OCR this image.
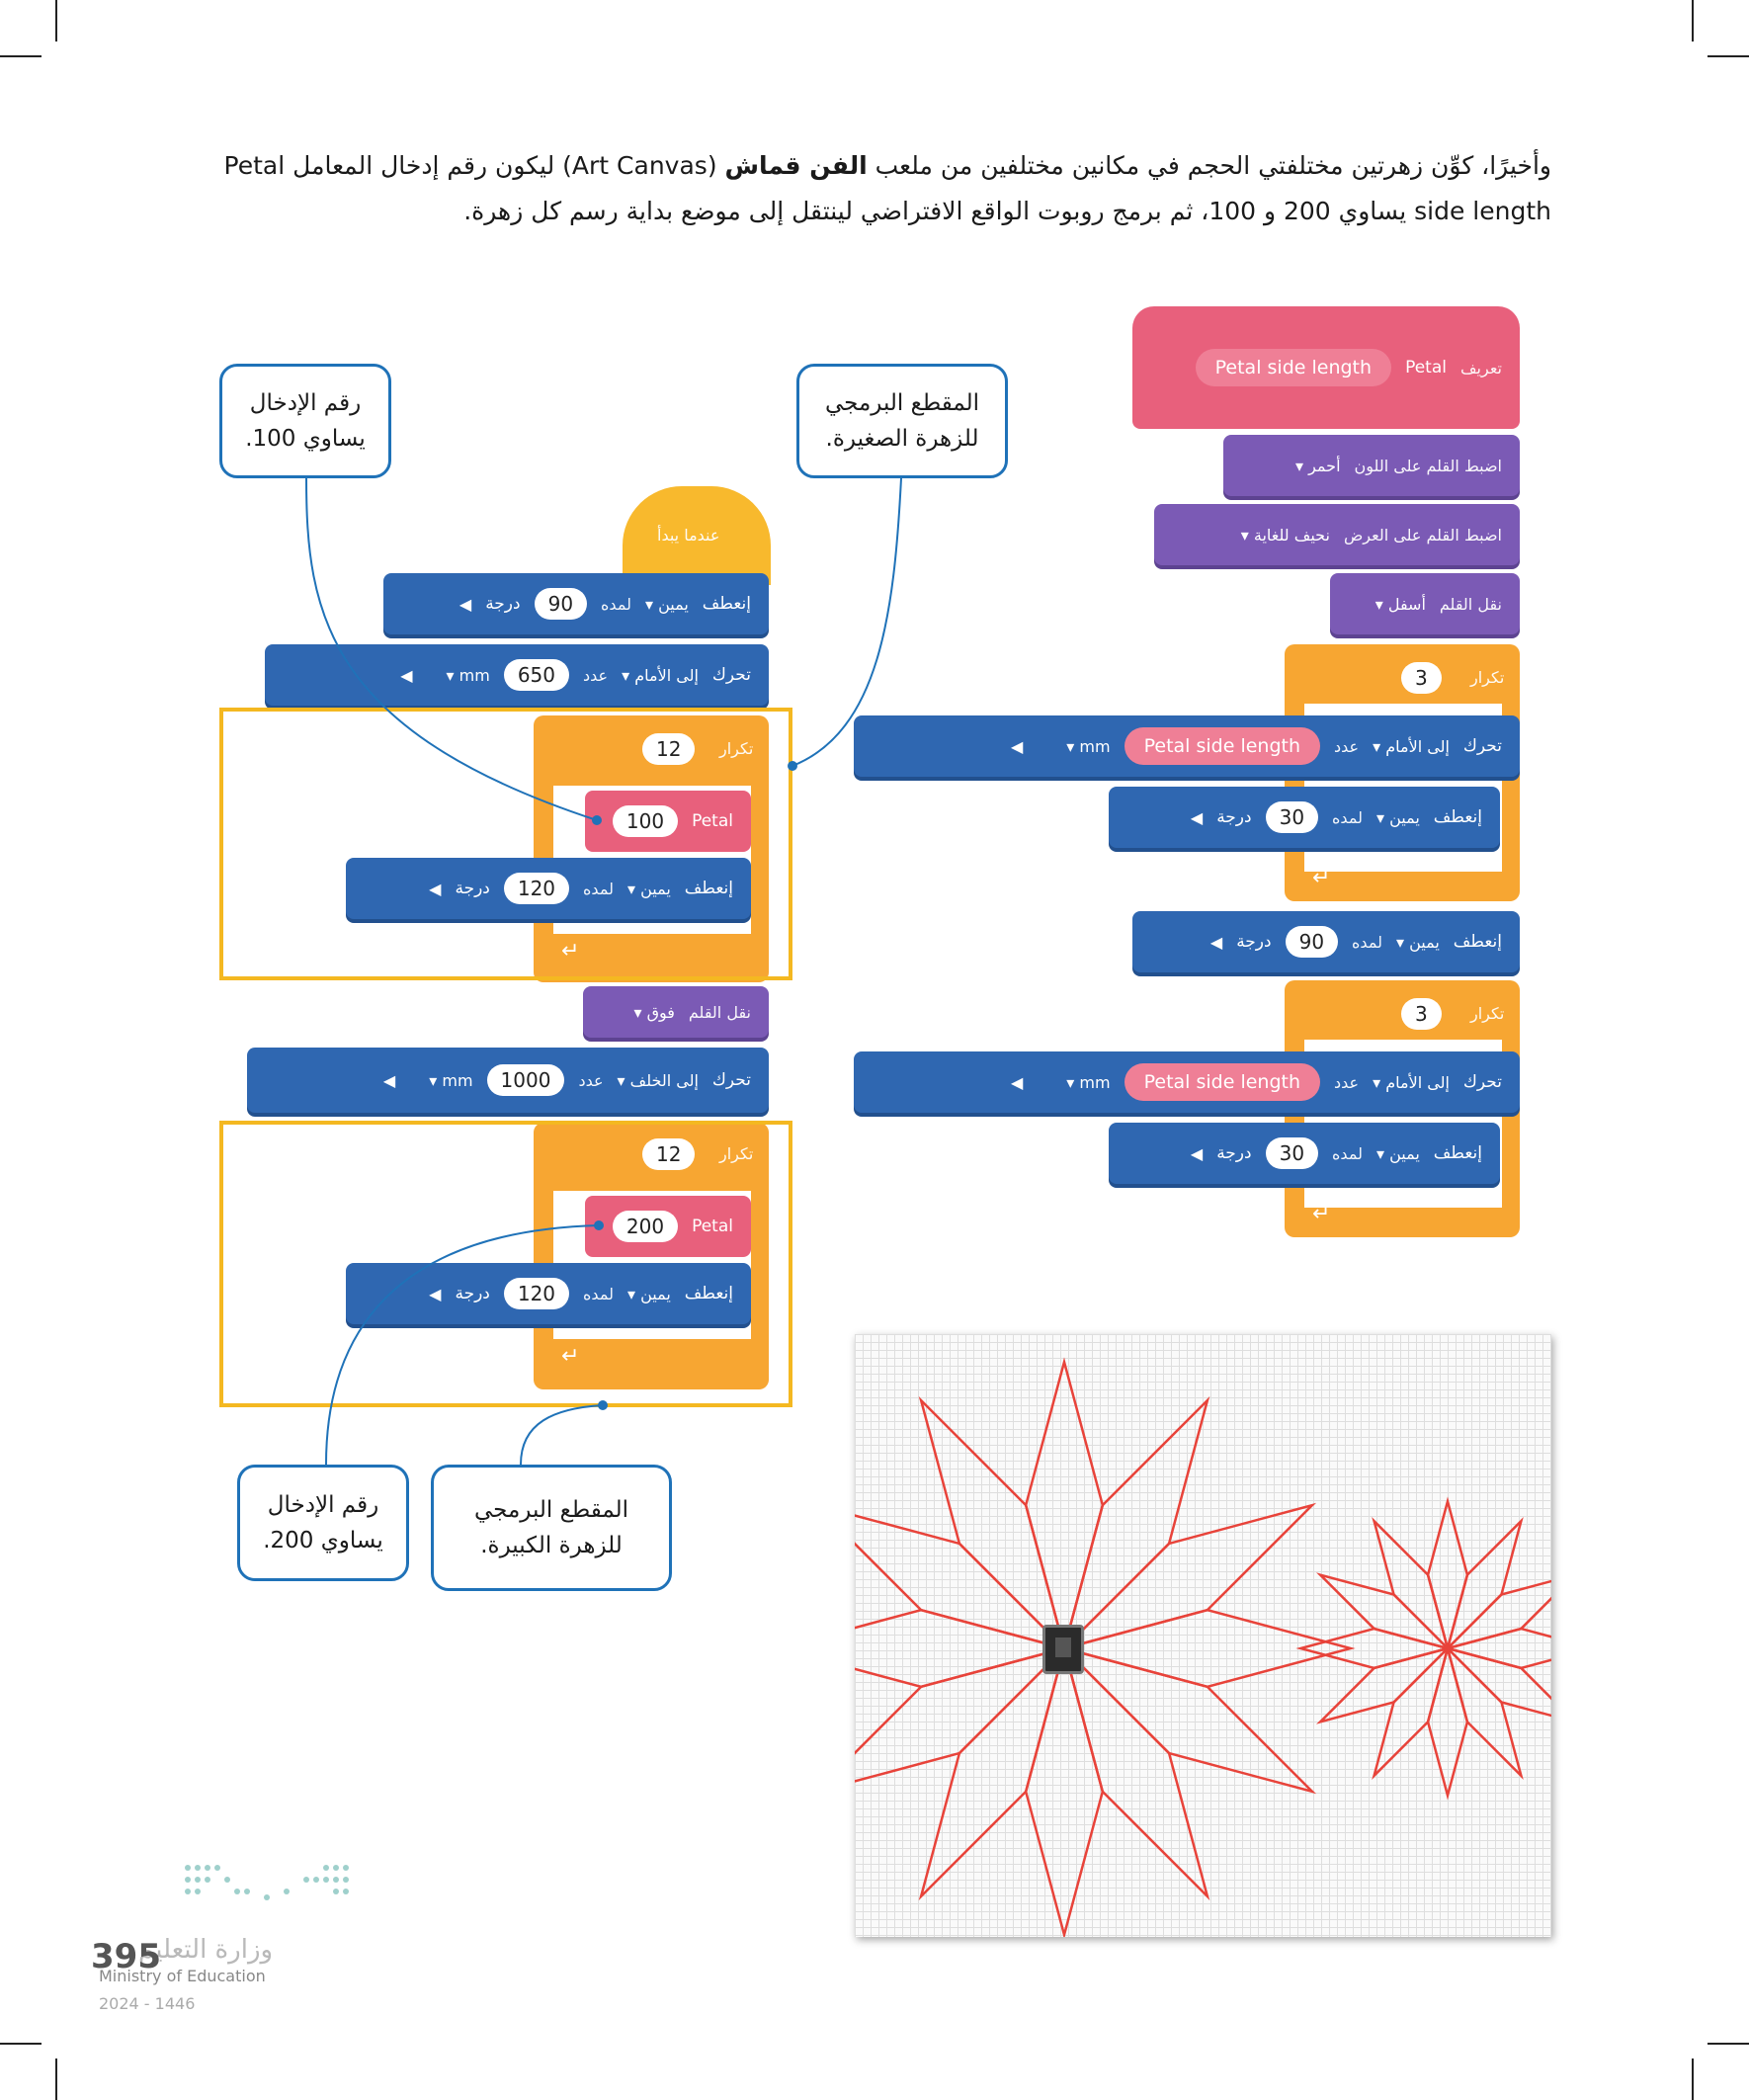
وأخيرًا، كوِّن زهرتين مختلفتي الحجم في مكانين مختلفين من ملعب الفن قماش (Art Canvas) ليكون رقم إدخال المعامل Petal
side length يساوي 200 و 100، ثم برمج روبوت الواقع الافتراضي لينتقل إلى موضع بداية رسم كل زهرة.
عندما يبدأ
إنعطف
يمين ▾
لمده
90
درجة
◀
تحرك
إلى الأمام ▾
عدد
650
mm ▾
◀
تكرار
12
Petal
100
إنعطف
يمين ▾
لمده
120
درجة
◀
↵
نقل القلم
فوق ▾
تحرك
إلى الخلف ▾
عدد
1000
mm ▾
◀
تكرار
12
Petal
200
إنعطف
يمين ▾
لمده
120
درجة
◀
↵
تعريف
Petal
Petal side length
اضبط القلم على اللون
أحمر ▾
اضبط القلم على العرض
نحيف للغاية ▾
نقل القلم
أسفل ▾
تكرار
3
تحرك
إلى الأمام ▾
عدد
Petal side length
mm ▾
◀
إنعطف
يمين ▾
لمده
30
درجة
◀
↵
إنعطف
يمين ▾
لمده
90
درجة
◀
تكرار
3
تحرك
إلى الأمام ▾
عدد
Petal side length
mm ▾
◀
إنعطف
يمين ▾
لمده
30
درجة
◀
↵
رقم الإدخال
يساوي 100.
المقطع البرمجي
للزهرة الصغيرة.
رقم الإدخال
يساوي 200.
المقطع البرمجي
للزهرة الكبيرة.
وزارة التعليم
395
Ministry of Education
2024 - 1446
